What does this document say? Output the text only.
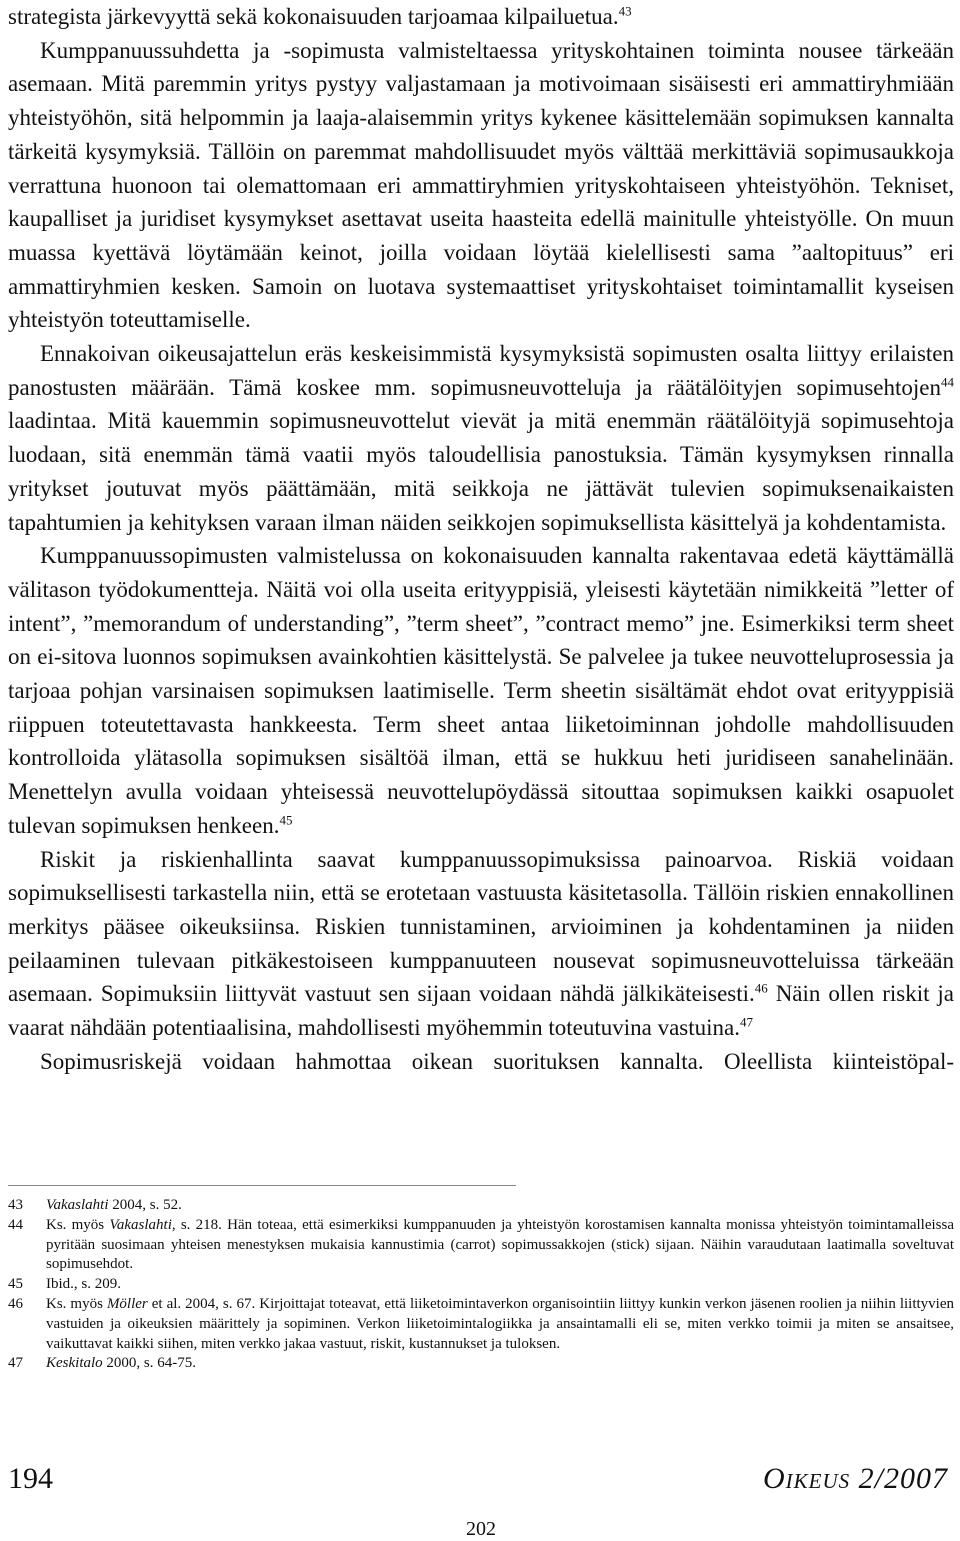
strategista järkevyyttä sekä kokonaisuuden tarjoamaa kilpailuetua.$^{43}$

Kumppanuussuhdetta ja -sopimusta valmisteltaessa yrityskohtainen toiminta nousee tärkeään asemaan. Mitä paremmin yritys pystyy valjastamaan ja motivoimaan sisäisesti eri ammattiryhmiään yhteistyöhön, sitä helpommin ja laaja-alaisemmin yritys kykenee käsittelemään sopimuksen kannalta tärkeitä kysymyksiä. Tällöin on paremmat mahdollisuudet myös välttää merkittäviä sopimusaukkoja verrattuna huonoon tai olemattomaan eri ammattiryhmien yrityskohtaiseen yhteistyöhön. Tekniset, kaupalliset ja juridiset kysymykset asettavat useita haasteita edellä mainitulle yhteistyölle. On muun muassa kyettävä löytämään keinot, joilla voidaan löytää kielellisesti sama ”aaltopituus” eri ammattiryhmien kesken. Samoin on luotava systemaattiset yrityskohtaiset toimintamallit kyseisen yhteistyön toteuttamiselle.

Ennakoivan oikeusajattelun eräs keskeisimmistä kysymyksistä sopimusten osalta liittyy erilaisten panostusten määrään. Tämä koskee mm. sopimusneuvotteluja ja räätälöityjen sopimusehtojen$^{44}$ laadintaa. Mitä kauemmin sopimusneuvottelut vievät ja mitä enemmän räätälöityjä sopimusehtoja luodaan, sitä enemmän tämä vaatii myös taloudellisia panostuksia. Tämän kysymyksen rinnalla yritykset joutuvat myös päättämään, mitä seikkoja ne jättävät tulevien sopimuksenaikaisten tapahtumien ja kehityksen varaan ilman näiden seikkojen sopimuksellista käsittelyä ja kohdentamista.

Kumppanuussopimusten valmistelussa on kokonaisuuden kannalta rakentavaa edetä käyttämällä välitason työdokumentteja. Näitä voi olla useita erityyppisiä, yleisesti käytetään nimikkeitä ”letter of intent”, ”memorandum of understanding”, ”term sheet”, ”contract memo” jne. Esimerkiksi term sheet on ei-sitova luonnos sopimuksen avainkohtien käsittelystä. Se palvelee ja tukee neuvotteluprosessia ja tarjoaa pohjan varsinaisen sopimuksen laatimiselle. Term sheetin sisältämät ehdot ovat erityyppisiä riippuen toteutettavasta hankkeesta. Term sheet antaa liiketoiminnan johdolle mahdollisuuden kontrolloida ylätasolla sopimuksen sisältöä ilman, että se hukkuu heti juridiseen sanahelinään. Menettelyn avulla voidaan yhteisessä neuvottelupöydässä sitouttaa sopimuksen kaikki osapuolet tulevan sopimuksen henkeen.$^{45}$

Riskit ja riskienhallinta saavat kumppanuussopimuksissa painoarvoa. Riskiä voidaan sopimuksellisesti tarkastella niin, että se erotetaan vastuusta käsitetasolla. Tällöin riskien ennakollinen merkitys pääsee oikeuksiinsa. Riskien tunnistaminen, arvioiminen ja kohdentaminen ja niiden peilaaminen tulevaan pitkäkestoiseen kumppanuuteen nousevat sopimusneuvotteluissa tärkeään asemaan. Sopimuksiin liittyvät vastuut sen sijaan voidaan nähdä jälkikäteisesti.$^{46}$ Näin ollen riskit ja vaarat nähdään potentiaalisina, mahdollisesti myöhemmin toteutuvina vastuina.$^{47}$

Sopimusriskejä voidaan hahmottaa oikean suorituksen kannalta. Oleellista kiinteistöpal-

43	Vakaslahti 2004, s. 52.
44	Ks. myös Vakaslahti, s. 218. Hän toteaa, että esimerkiksi kumppanuuden ja yhteistyön korostamisen kannalta monissa yhteistyön toimintamalleissa pyritään suosimaan yhteisen menestyksen mukaisia kannustimia (carrot) sopimussakkojen (stick) sijaan. Näihin varaudutaan laatimalla soveltuvat sopimusehdot.
45	Ibid., s. 209.
46	Ks. myös Möller et al. 2004, s. 67. Kirjoittajat toteavat, että liiketoimintaverkon organisointiin liittyy kunkin verkon jäsenen roolien ja niihin liittyvien vastuiden ja oikeuksien määrittely ja sopiminen. Verkon liiketoimintalogiikka ja ansaintamalli eli se, miten verkko toimii ja miten se ansaitsee, vaikuttavat kaikki siihen, miten verkko jakaa vastuut, riskit, kustannukset ja tuloksen.
47	Keskitalo 2000, s. 64-75.
194	Oikeus 2/2007
202
